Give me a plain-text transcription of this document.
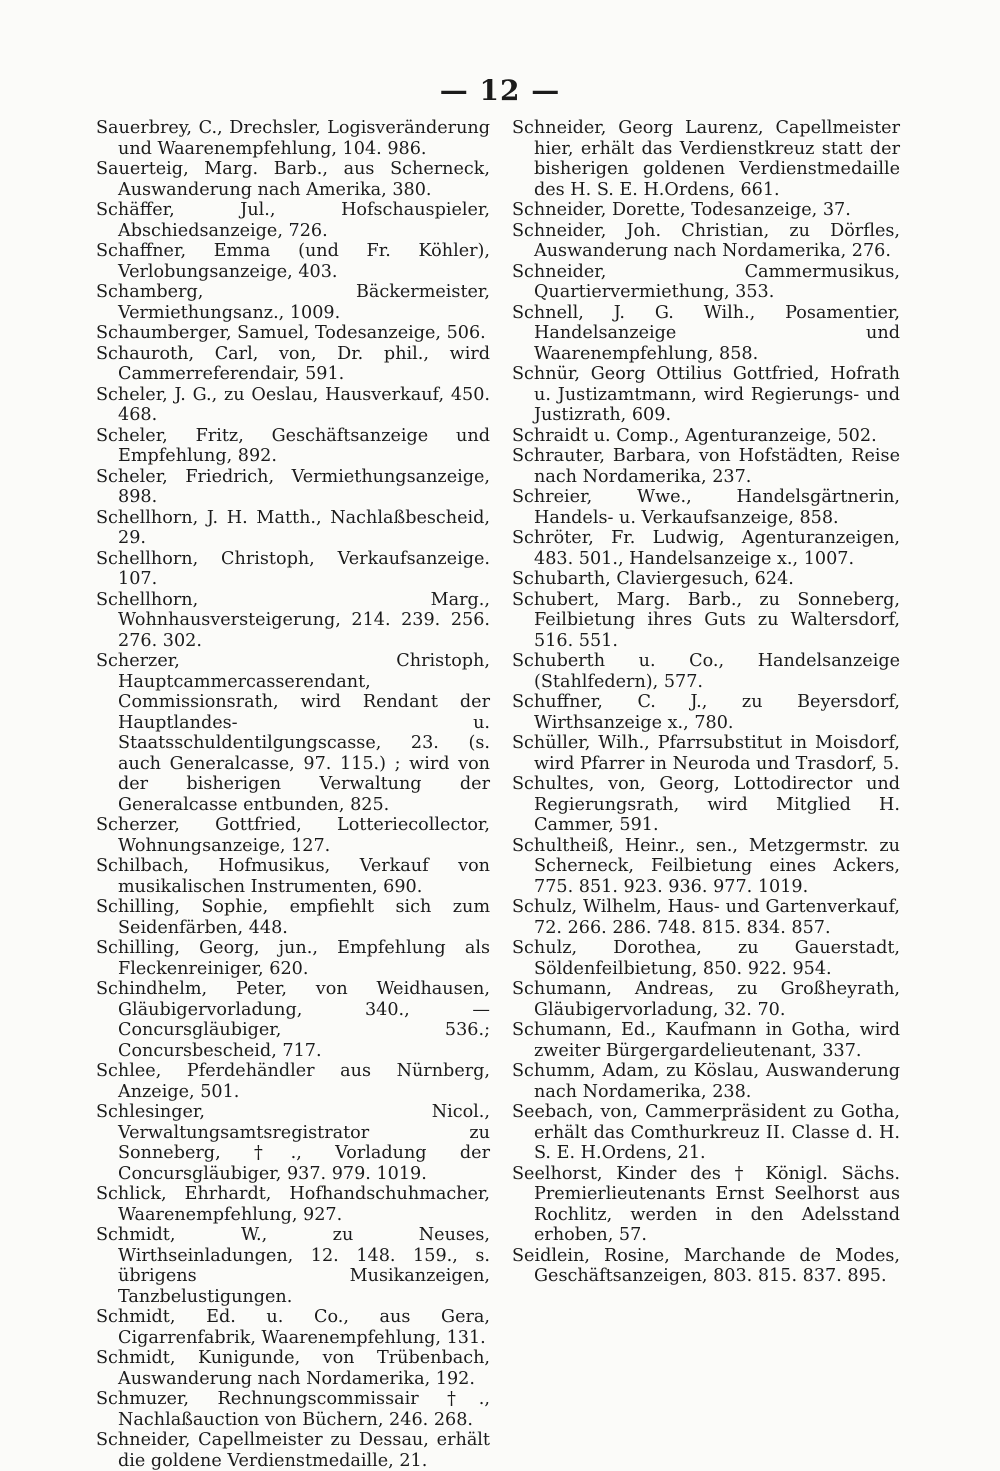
— 12 —

Sauerbrey, C., Drechsler, Logisveränderung und Waarenempfehlung, 104. 986.

Sauerteig, Marg. Barb., aus Scherneck, Auswanderung nach Amerika, 380.

Schäffer, Jul., Hofschauspieler, Abschiedsanzeige, 726.

Schaffner, Emma (und Fr. Köhler), Verlobungsanzeige, 403.

Schamberg, Bäckermeister, Vermiethungsanz., 1009.

Schaumberger, Samuel, Todesanzeige, 506.

Schauroth, Carl, von, Dr. phil., wird Cammerreferendair, 591.

Scheler, J. G., zu Oeslau, Hausverkauf, 450. 468.

Scheler, Fritz, Geschäftsanzeige und Empfehlung, 892.

Scheler, Friedrich, Vermiethungsanzeige, 898.

Schellhorn, J. H. Matth., Nachlaßbescheid, 29.

Schellhorn, Christoph, Verkaufsanzeige. 107.

Schellhorn, Marg., Wohnhausversteigerung, 214. 239. 256. 276. 302.

Scherzer, Christoph, Hauptcammercasserendant, Commissionsrath, wird Rendant der Hauptlandes- u. Staatsschuldentilgungscasse, 23. (s. auch Generalcasse, 97. 115.) ; wird von der bisherigen Verwaltung der Generalcasse entbunden, 825.

Scherzer, Gottfried, Lotteriecollector, Wohnungsanzeige, 127.

Schilbach, Hofmusikus, Verkauf von musikalischen Instrumenten, 690.

Schilling, Sophie, empfiehlt sich zum Seidenfärben, 448.

Schilling, Georg, jun., Empfehlung als Fleckenreiniger, 620.

Schindhelm, Peter, von Weidhausen, Gläubigervorladung, 340., — Concursgläubiger, 536.; Concursbescheid, 717.

Schlee, Pferdehändler aus Nürnberg, Anzeige, 501.

Schlesinger, Nicol., Verwaltungsamtsregistrator zu Sonneberg, †., Vorladung der Concursgläubiger, 937. 979. 1019.

Schlick, Ehrhardt, Hofhandschuhmacher, Waarenempfehlung, 927.

Schmidt, W., zu Neuses, Wirthseinladungen, 12. 148. 159., s. übrigens Musikanzeigen, Tanzbelustigungen.

Schmidt, Ed. u. Co., aus Gera, Cigarrenfabrik, Waarenempfehlung, 131.

Schmidt, Kunigunde, von Trübenbach, Auswanderung nach Nordamerika, 192.

Schmuzer, Rechnungscommissair †., Nachlaßauction von Büchern, 246. 268.

Schneider, Capellmeister zu Dessau, erhält die goldene Verdienstmedaille, 21.

Schneider, Georg Laurenz, Capellmeister hier, erhält das Verdienstkreuz statt der bisherigen goldenen Verdienstmedaille des H. S. E. H.Ordens, 661.

Schneider, Dorette, Todesanzeige, 37.

Schneider, Joh. Christian, zu Dörfles, Auswanderung nach Nordamerika, 276.

Schneider, Cammermusikus, Quartiervermiethung, 353.

Schnell, J. G. Wilh., Posamentier, Handelsanzeige und Waarenempfehlung, 858.

Schnür, Georg Ottilius Gottfried, Hofrath u. Justizamtmann, wird Regierungs- und Justizrath, 609.

Schraidt u. Comp., Agenturanzeige, 502.

Schrauter, Barbara, von Hofstädten, Reise nach Nordamerika, 237.

Schreier, Wwe., Handelsgärtnerin, Handels- u. Verkaufsanzeige, 858.

Schröter, Fr. Ludwig, Agenturanzeigen, 483. 501., Handelsanzeige x., 1007.

Schubarth, Claviergesuch, 624.

Schubert, Marg. Barb., zu Sonneberg, Feilbietung ihres Guts zu Waltersdorf, 516. 551.

Schuberth u. Co., Handelsanzeige (Stahlfedern), 577.

Schuffner, C. J., zu Beyersdorf, Wirthsanzeige x., 780.

Schüller, Wilh., Pfarrsubstitut in Moisdorf, wird Pfarrer in Neuroda und Trasdorf, 5.

Schultes, von, Georg, Lottodirector und Regierungsrath, wird Mitglied H. Cammer, 591.

Schultheiß, Heinr., sen., Metzgermstr. zu Scherneck, Feilbietung eines Ackers, 775. 851. 923. 936. 977. 1019.

Schulz, Wilhelm, Haus- und Gartenverkauf, 72. 266. 286. 748. 815. 834. 857.

Schulz, Dorothea, zu Gauerstadt, Söldenfeilbietung, 850. 922. 954.

Schumann, Andreas, zu Großheyrath, Gläubigervorladung, 32. 70.

Schumann, Ed., Kaufmann in Gotha, wird zweiter Bürgergardelieutenant, 337.

Schumm, Adam, zu Köslau, Auswanderung nach Nordamerika, 238.

Seebach, von, Cammerpräsident zu Gotha, erhält das Comthurkreuz II. Classe d. H. S. E. H.Ordens, 21.

Seelhorst, Kinder des † Königl. Sächs. Premierlieutenants Ernst Seelhorst aus Rochlitz, werden in den Adelsstand erhoben, 57.

Seidlein, Rosine, Marchande de Modes, Geschäftsanzeigen, 803. 815. 837. 895.
